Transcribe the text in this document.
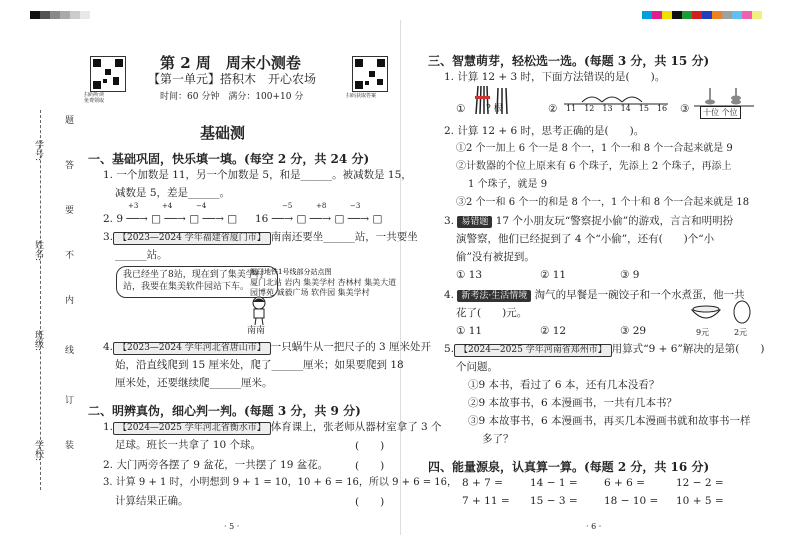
学号:
姓名:
班级:
学校:
题
答
要
不
内
线
订
装
扫码听读
免费领取
扫码获取答案
第 2 周　周末小测卷
【第一单元】搭积木　开心农场
时间：60 分钟　满分：100+10 分
基础测
一、基础巩固，快乐填一填。(每空 2 分，共 24 分)
1. 一个加数是 11，另一个加数是 5，和是______。被减数是 15，
减数是 5，差是______。
2. 9 ──→ □ ──→ □ ──→ □
+3	+4	−4
16 ──→ □ ──→ □ ──→ □
−5	+8	−3
3. 【2023—2024 学年福建省厦门市】 南南还要坐______站，一共要坐
______站。
我已经坐了8站，现在到了集美学村站，我要在集美软件园站下车。
厦门地铁1号线部分站点图
厦门北站 岩内 集美学村 杏林村 集美大道 园博苑 诚毅广场 软件园 集美学村
南南
4. 【2023—2024 学年河北省唐山市】 一只蜗牛从一把尺子的 3 厘米处开
始，沿直线爬到 15 厘米处，爬了______厘米；如果要爬到 18
厘米处，还要继续爬______厘米。
二、明辨真伪，细心判一判。(每题 3 分，共 9 分)
1. 【2024—2025 学年河北省衡水市】 体育课上，张老师从器材室拿了 3 个
足球。班长一共拿了 10 个球。	(　　)
2. 大门两旁各摆了 9 盆花，一共摆了 19 盆花。	(　　)
3. 计算 9 + 1 时，小明想到 9 + 1 = 10，10 + 6 = 16，所以 9 + 6 = 16，
计算结果正确。	(　　)
· 5 ·
三、智慧萌芽，轻松选一选。(每题 3 分，共 15 分)
1. 计算 12 + 3 时，下面方法错误的是(　　)。
① ? 根	② 11 12 13 14 15 16	③	十位 个位
2. 计算 12 + 6 时，思考正确的是(　　)。
①2 个一加上 6 个一是 8 个一，1 个一和 8 个一合起来就是 9
②计数器的个位上原来有 6 个珠子，先添上 2 个珠子，再添上
1 个珠子，就是 9
③2 个一和 6 个一的和是 8 个一，1 个十和 8 个一合起来就是 18
3. 易错题 17 个小朋友玩“警察捉小偷”的游戏，言言和明明扮
演警察，他们已经捉到了 4 个“小偷”，还有(　　)个“小
偷”没有被捉到。
① 13	② 11	③ 9
4. 新考法·生活情境 淘气的早餐是一碗饺子和一个水煮蛋，他一共
花了(　　)元。
① 11	② 12	③ 29	9元	2元
5. 【2024—2025 学年河南省郑州市】 用算式“9 + 6”解决的是第(　　)
个问题。
①9 本书，看过了 6 本，还有几本没看？
②9 本故事书，6 本漫画书，一共有几本书？
③9 本故事书，6 本漫画书，再买几本漫画书就和故事书一样
多了？
四、能量源泉，认真算一算。(每题 2 分，共 16 分)
8 + 7 =	14 − 1 =	6 + 6 =	12 − 2 =
7 + 11 = 15 − 3 =	18 − 10 = 10 + 5 =
· 6 ·
